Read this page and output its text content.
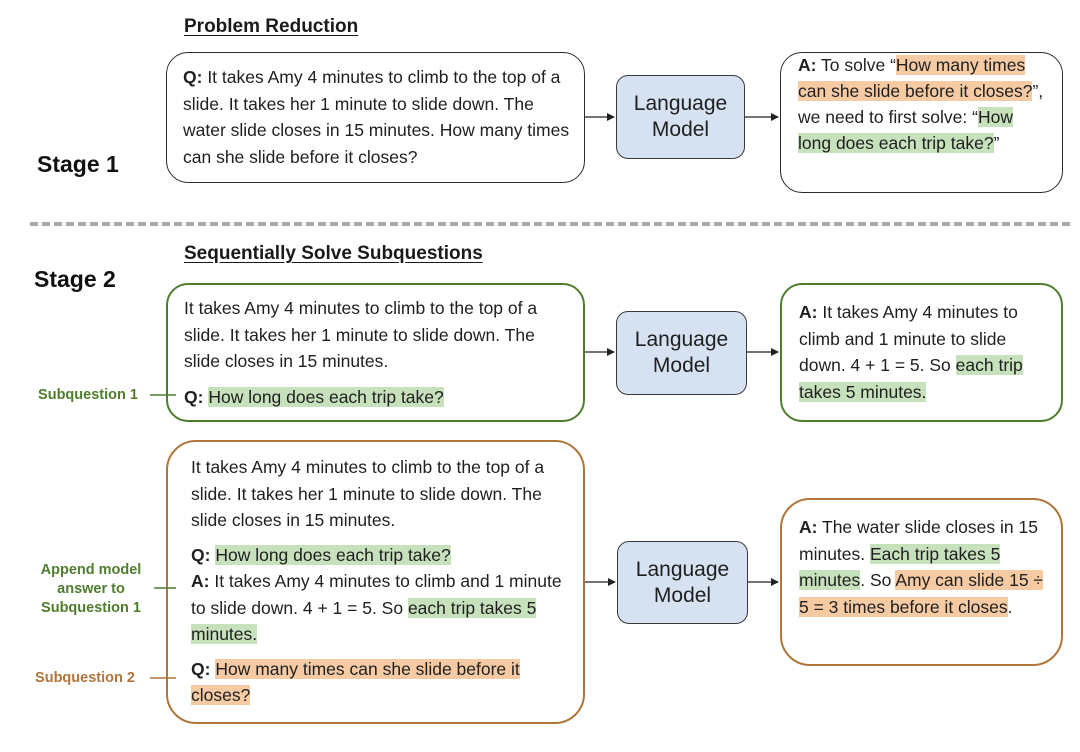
Problem Reduction
Stage 1

Q: It takes Amy 4 minutes to climb to the top of a slide. It takes her 1 minute to slide down. The water slide closes in 15 minutes. How many times can she slide before it closes?

Language Model

A: To solve “How many times can she slide before it closes?”, we need to first solve: “How long does each trip take?”

Sequentially Solve Subquestions
Stage 2

It takes Amy 4 minutes to climb to the top of a slide. It takes her 1 minute to slide down. The slide closes in 15 minutes.

Q: How long does each trip take?

Subquestion 1
Language Model

A: It takes Amy 4 minutes to climb and 1 minute to slide down. 4 + 1 = 5. So each trip takes 5 minutes.

It takes Amy 4 minutes to climb to the top of a slide. It takes her 1 minute to slide down. The slide closes in 15 minutes.

Q: How long does each trip take?

A: It takes Amy 4 minutes to climb and 1 minute to slide down. 4 + 1 = 5. So each trip takes 5 minutes.

Q: How many times can she slide before it closes?

Append model answer to Subquestion 1
Subquestion 2
Language Model

A: The water slide closes in 15 minutes. Each trip takes 5 minutes. So Amy can slide 15 ÷ 5 = 3 times before it closes.
